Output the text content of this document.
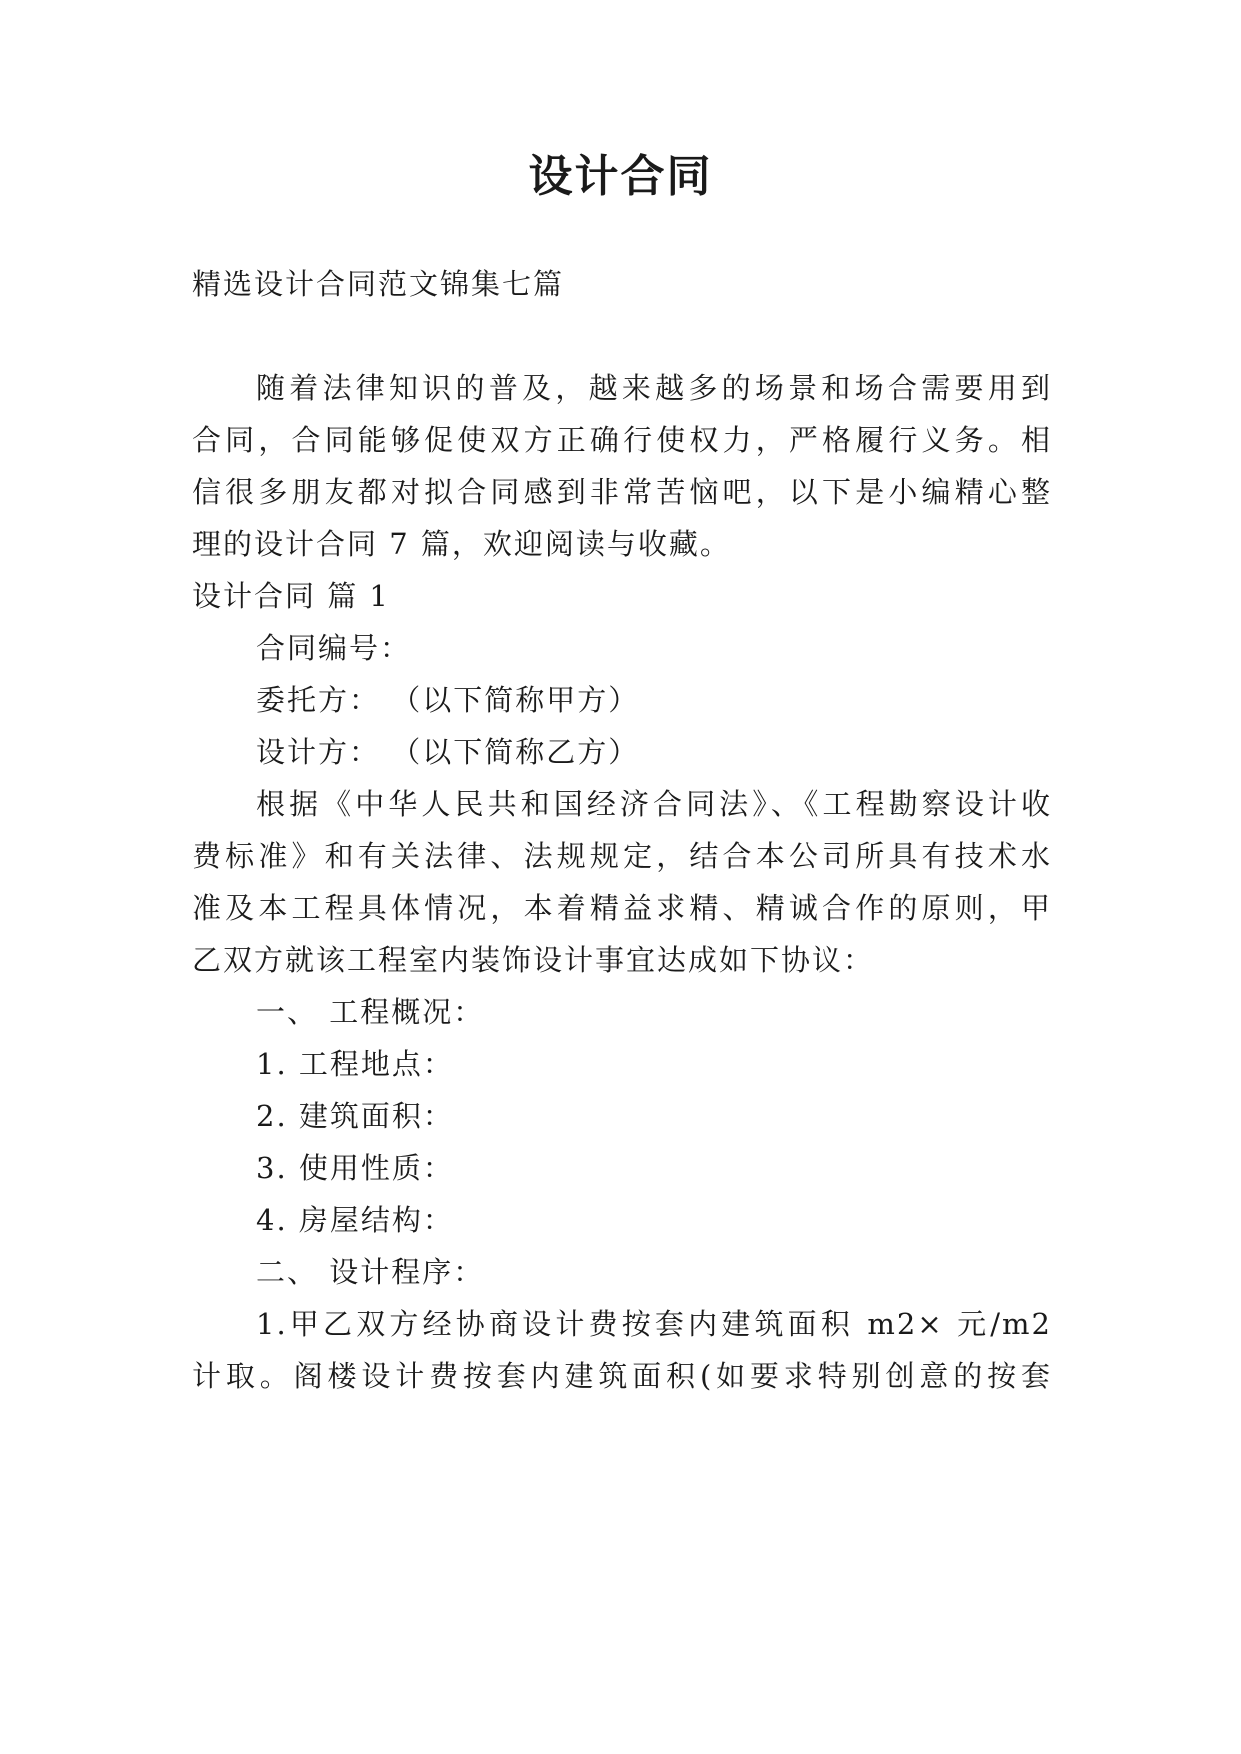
设计合同
精选设计合同范文锦集七篇
随着法律知识的普及，越来越多的场景和场合需要用到
合同，合同能够促使双方正确行使权力，严格履行义务。相
信很多朋友都对拟合同感到非常苦恼吧，以下是小编精心整
理的设计合同 7 篇，欢迎阅读与收藏。
设计合同 篇 1
合同编号：
委托方： （以下简称甲方）
设计方： （以下简称乙方）
根据《中华人民共和国经济合同法》、《工程勘察设计收
费标准》和有关法律、法规规定，结合本公司所具有技术水
准及本工程具体情况，本着精益求精、精诚合作的原则，甲
乙双方就该工程室内装饰设计事宜达成如下协议：
一、 工程概况：
1. 工程地点：
2. 建筑面积：
3. 使用性质：
4. 房屋结构：
二、 设计程序：
1.甲乙双方经协商设计费按套内建筑面积 m2× 元/m2
计取。阁楼设计费按套内建筑面积(如要求特别创意的按套
